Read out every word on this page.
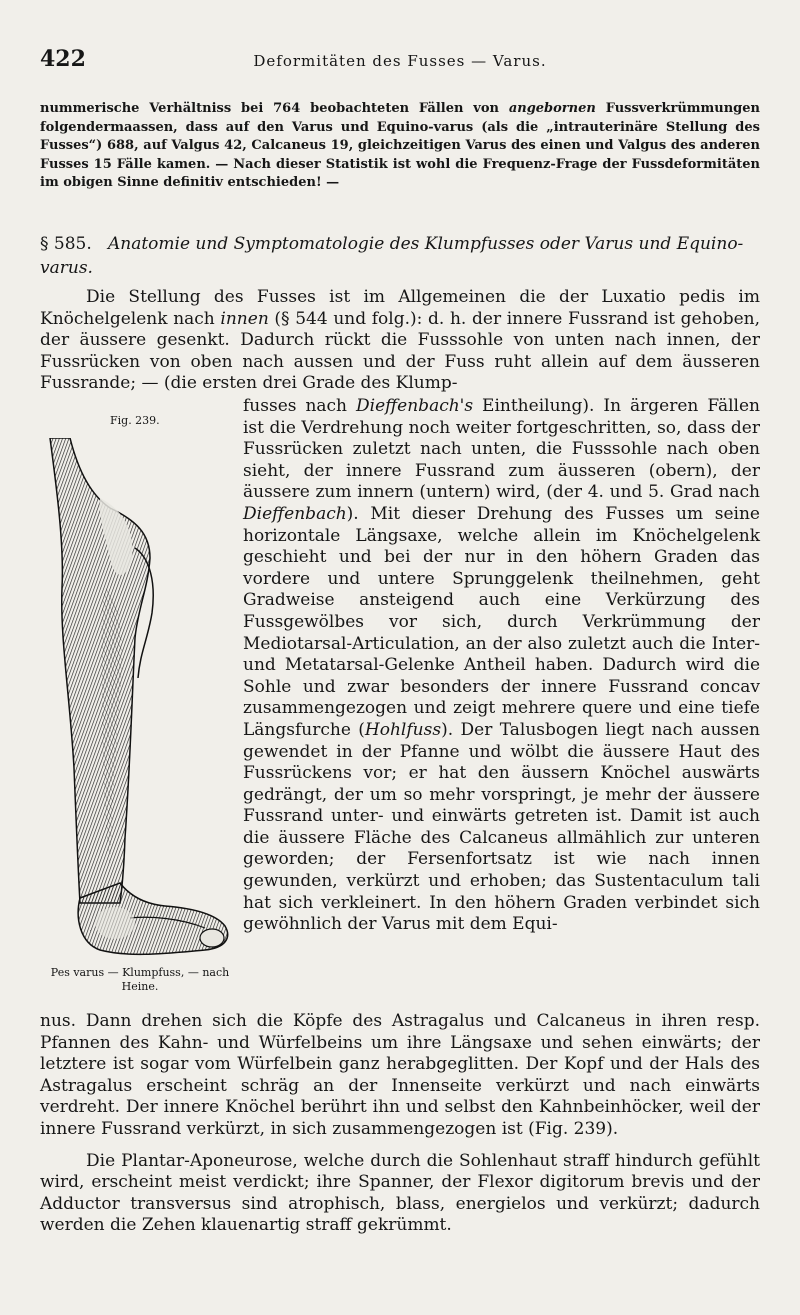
422	Deformitäten des Fusses — Varus.

nummerische Verhältniss bei 764 beobachteten Fällen von angebornen Fussverkrümmungen folgendermaassen, dass auf den Varus und Equino-varus (als die „intrauterinäre Stellung des Fusses“) 688, auf Valgus 42, Calcaneus 19, gleichzeitigen Varus des einen und Valgus des anderen Fusses 15 Fälle kamen. — Nach dieser Statistik ist wohl die Frequenz-Frage der Fussdeformitäten im obigen Sinne definitiv entschieden! —

§ 585. Anatomie und Symptomatologie des Klumpfusses oder Varus und Equino-varus.

Die Stellung des Fusses ist im Allgemeinen die der Luxatio pedis im Knöchelgelenk nach innen (§ 544 und folg.): d. h. der innere Fussrand ist gehoben, der äussere gesenkt. Dadurch rückt die Fusssohle von unten nach innen, der Fussrücken von oben nach aussen und der Fuss ruht allein auf dem äusseren Fussrande; — (die ersten drei Grade des Klump-

Fig. 239.
Pes varus — Klumpfuss, — nach Heine.

fusses nach Dieffenbach's Eintheilung). In ärgeren Fällen ist die Verdrehung noch weiter fortgeschritten, so, dass der Fussrücken zuletzt nach unten, die Fusssohle nach oben sieht, der innere Fussrand zum äusseren (obern), der äussere zum innern (untern) wird, (der 4. und 5. Grad nach Dieffenbach). Mit dieser Drehung des Fusses um seine horizontale Längsaxe, welche allein im Knöchelgelenk geschieht und bei der nur in den höhern Graden das vordere und untere Sprunggelenk theilnehmen, geht Gradweise ansteigend auch eine Verkürzung des Fussgewölbes vor sich, durch Verkrümmung der Mediotarsal-Articulation, an der also zuletzt auch die Inter- und Metatarsal-Gelenke Antheil haben. Dadurch wird die Sohle und zwar besonders der innere Fussrand concav zusammengezogen und zeigt mehrere quere und eine tiefe Längsfurche (Hohlfuss). Der Talusbogen liegt nach aussen gewendet in der Pfanne und wölbt die äussere Haut des Fussrückens vor; er hat den äussern Knöchel auswärts gedrängt, der um so mehr vorspringt, je mehr der äussere Fussrand unter- und einwärts getreten ist. Damit ist auch die äussere Fläche des Calcaneus allmählich zur unteren geworden; der Fersenfortsatz ist wie nach innen gewunden, verkürzt und erhoben; das Sustentaculum tali hat sich verkleinert. In den höhern Graden verbindet sich gewöhnlich der Varus mit dem Equi-

nus. Dann drehen sich die Köpfe des Astragalus und Calcaneus in ihren resp. Pfannen des Kahn- und Würfelbeins um ihre Längsaxe und sehen einwärts; der letztere ist sogar vom Würfelbein ganz herabgeglitten. Der Kopf und der Hals des Astragalus erscheint schräg an der Innenseite verkürzt und nach einwärts verdreht. Der innere Knöchel berührt ihn und selbst den Kahnbeinhöcker, weil der innere Fussrand verkürzt, in sich zusammengezogen ist (Fig. 239).

Die Plantar-Aponeurose, welche durch die Sohlenhaut straff hindurch gefühlt wird, erscheint meist verdickt; ihre Spanner, der Flexor digitorum brevis und der Adductor transversus sind atrophisch, blass, energielos und verkürzt; dadurch werden die Zehen klauenartig straff gekrümmt.
